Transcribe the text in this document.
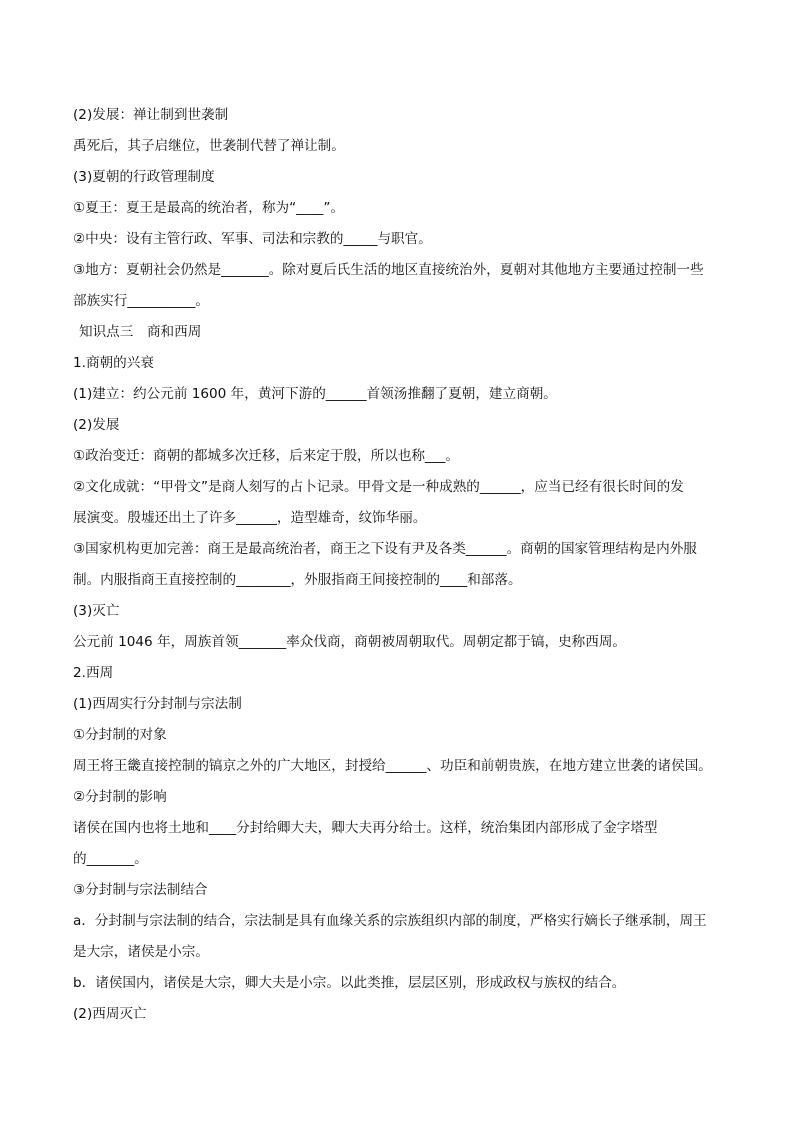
(2)发展：禅让制到世袭制
禹死后，其子启继位，世袭制代替了禅让制。
(3)夏朝的行政管理制度
①夏王：夏王是最高的统治者，称为“____”。
②中央：设有主管行政、军事、司法和宗教的_____与职官。
③地方：夏朝社会仍然是_______。除对夏后氏生活的地区直接统治外，夏朝对其他地方主要通过控制一些
部族实行__________。
知识点三　商和西周
1.商朝的兴衰
(1)建立：约公元前 1600 年，黄河下游的______首领汤推翻了夏朝，建立商朝。
(2)发展
①政治变迁：商朝的都城多次迁移，后来定于殷，所以也称___。
②文化成就：“甲骨文”是商人刻写的占卜记录。甲骨文是一种成熟的______，应当已经有很长时间的发
展演变。殷墟还出土了许多______，造型雄奇，纹饰华丽。
③国家机构更加完善：商王是最高统治者，商王之下设有尹及各类______。商朝的国家管理结构是内外服
制。内服指商王直接控制的________，外服指商王间接控制的____和部落。
(3)灭亡
公元前 1046 年，周族首领_______率众伐商，商朝被周朝取代。周朝定都于镐，史称西周。
2.西周
(1)西周实行分封制与宗法制
①分封制的对象
周王将王畿直接控制的镐京之外的广大地区，封授给______、功臣和前朝贵族，在地方建立世袭的诸侯国。
②分封制的影响
诸侯在国内也将土地和____分封给卿大夫，卿大夫再分给士。这样，统治集团内部形成了金字塔型
的_______。
③分封制与宗法制结合
a．分封制与宗法制的结合，宗法制是具有血缘关系的宗族组织内部的制度，严格实行嫡长子继承制，周王
是大宗，诸侯是小宗。
b．诸侯国内，诸侯是大宗，卿大夫是小宗。以此类推，层层区别，形成政权与族权的结合。
(2)西周灭亡
